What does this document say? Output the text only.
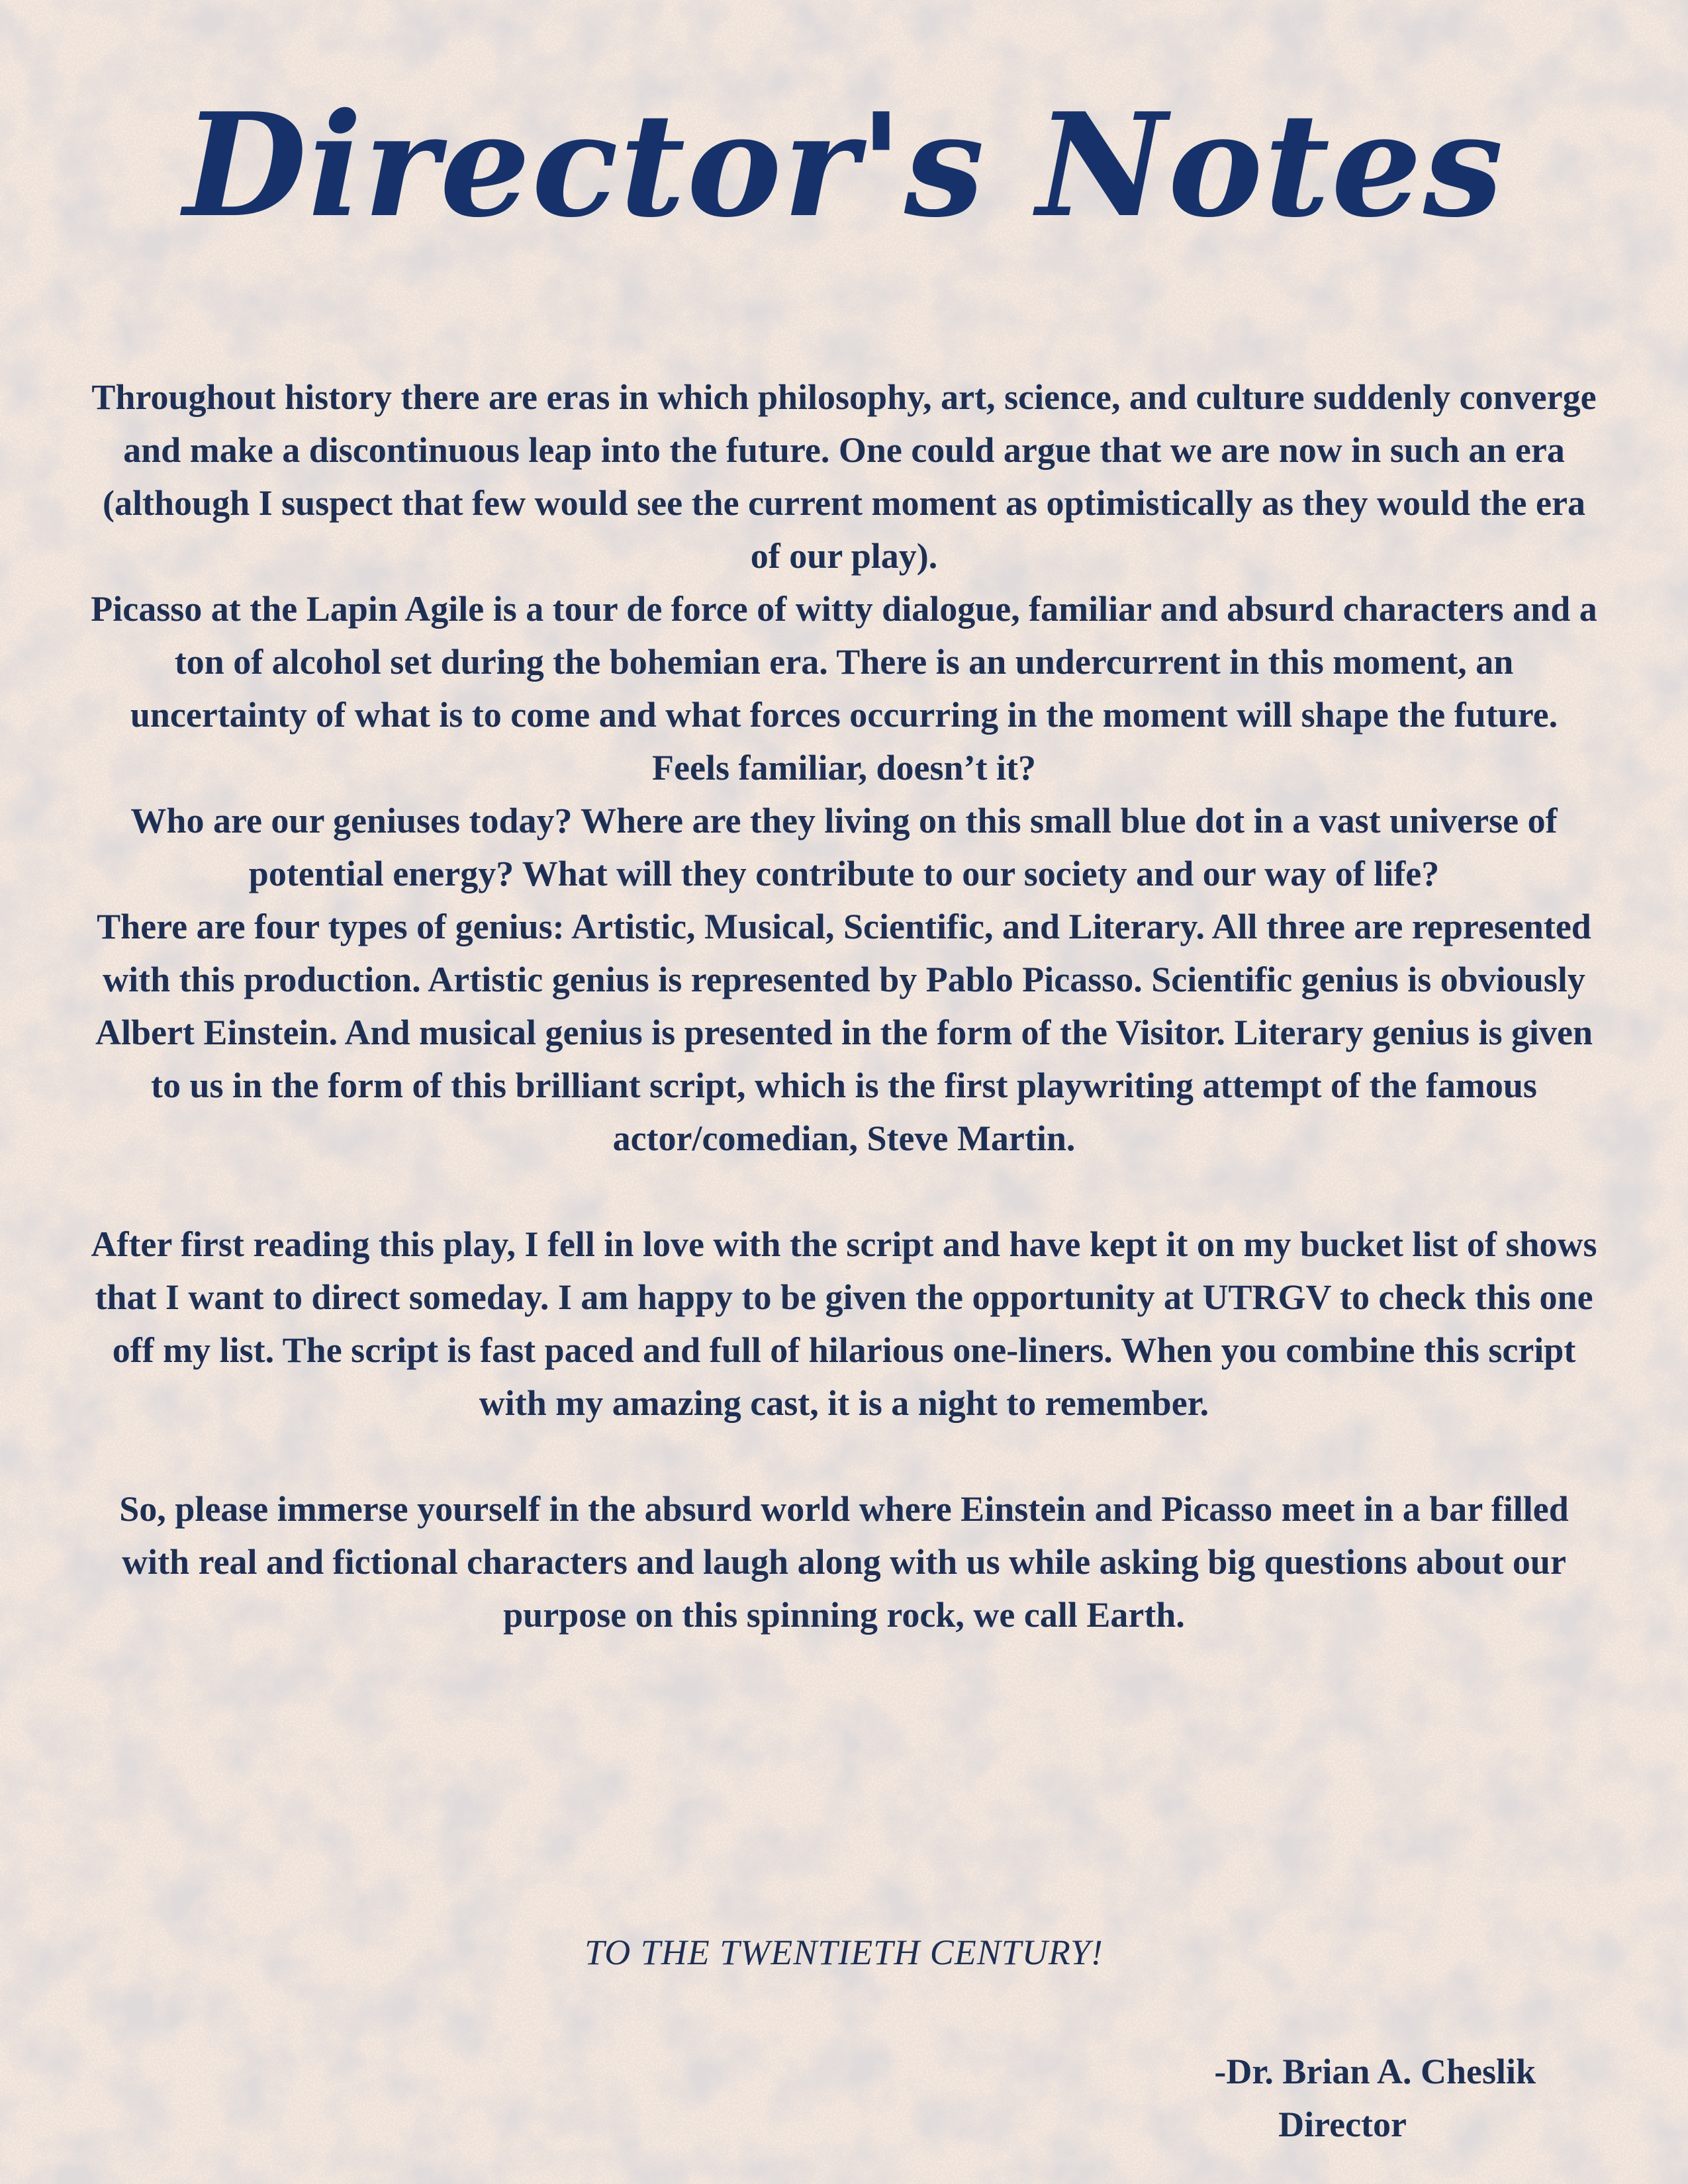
Director's Notes

Throughout history there are eras in which philosophy, art, science, and culture suddenly converge and make a discontinuous leap into the future. One could argue that we are now in such an era (although I suspect that few would see the current moment as optimistically as they would the era of our play).

Picasso at the Lapin Agile is a tour de force of witty dialogue, familiar and absurd characters and a ton of alcohol set during the bohemian era. There is an undercurrent in this moment, an uncertainty of what is to come and what forces occurring in the moment will shape the future.

Feels familiar, doesn’t it?

Who are our geniuses today? Where are they living on this small blue dot in a vast universe of potential energy? What will they contribute to our society and our way of life?

There are four types of genius: Artistic, Musical, Scientific, and Literary. All three are represented with this production. Artistic genius is represented by Pablo Picasso. Scientific genius is obviously Albert Einstein. And musical genius is presented in the form of the Visitor. Literary genius is given to us in the form of this brilliant script, which is the first playwriting attempt of the famous actor/comedian, Steve Martin.

After first reading this play, I fell in love with the script and have kept it on my bucket list of shows that I want to direct someday. I am happy to be given the opportunity at UTRGV to check this one off my list. The script is fast paced and full of hilarious one-liners. When you combine this script with my amazing cast, it is a night to remember.

So, please immerse yourself in the absurd world where Einstein and Picasso meet in a bar filled with real and fictional characters and laugh along with us while asking big questions about our purpose on this spinning rock, we call Earth.

TO THE TWENTIETH CENTURY!
-Dr. Brian A. Cheslik
Director
